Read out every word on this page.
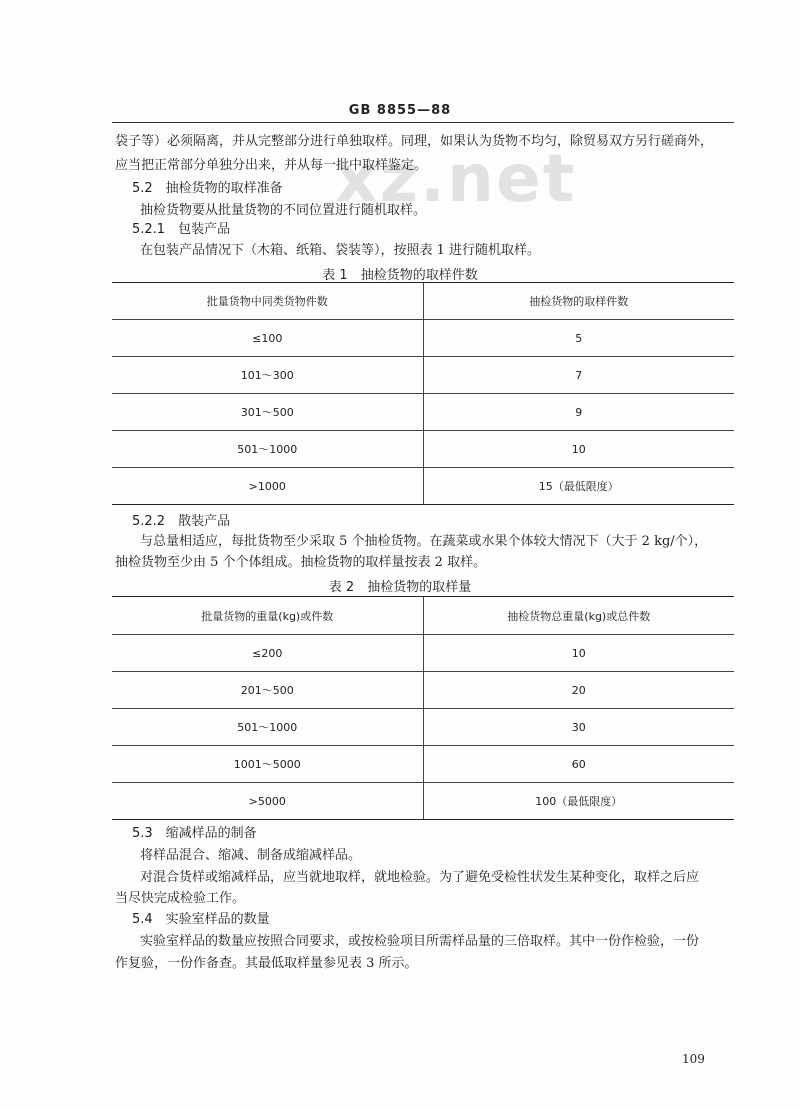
xz.net
GB 8855—88
袋子等）必须隔离，并从完整部分进行单独取样。同理，如果认为货物不均匀，除贸易双方另行磋商外，
应当把正常部分单独分出来，并从每一批中取样鉴定。
5.2　抽检货物的取样准备
抽检货物要从批量货物的不同位置进行随机取样。
5.2.1　包装产品
在包装产品情况下（木箱、纸箱、袋装等），按照表 1 进行随机取样。
表 1　抽检货物的取样件数
批量货物中同类货物件数	抽检货物的取样件数
≤100	5
101～300	7
301～500	9
501～1000	10
>1000	15（最低限度）
5.2.2　散装产品
与总量相适应，每批货物至少采取 5 个抽检货物。在蔬菜或水果个体较大情况下（大于 2 kg/个），
抽检货物至少由 5 个个体组成。抽检货物的取样量按表 2 取样。
表 2　抽检货物的取样量
批量货物的重量(kg)或件数	抽检货物总重量(kg)或总件数
≤200	10
201～500	20
501～1000	30
1001～5000	60
>5000	100（最低限度）
5.3　缩减样品的制备
将样品混合、缩减、制备成缩减样品。
对混合货样或缩减样品，应当就地取样，就地检验。为了避免受检性状发生某种变化，取样之后应
当尽快完成检验工作。
5.4　实验室样品的数量
实验室样品的数量应按照合同要求，或按检验项目所需样品量的三倍取样。其中一份作检验，一份
作复验，一份作备查。其最低取样量参见表 3 所示。
109
